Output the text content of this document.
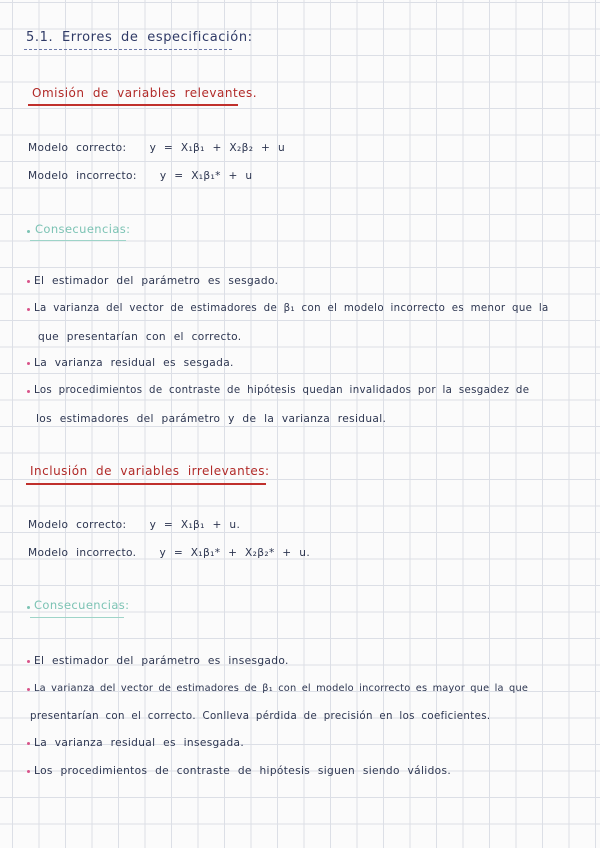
5.1. Errores de especificación:
Omisión de variables relevantes.
Modelo correcto: y = X₁β₁ + X₂β₂ + u
Modelo incorrecto: y = X₁β₁* + u
Consecuencias:
El estimador del parámetro es sesgado.
La varianza del vector de estimadores de β₁ con el modelo incorrecto es menor que la
que presentarían con el correcto.
La varianza residual es sesgada.
Los procedimientos de contraste de hipótesis quedan invalidados por la sesgadez de
los estimadores del parámetro y de la varianza residual.
Inclusión de variables irrelevantes:
Modelo correcto: y = X₁β₁ + u.
Modelo incorrecto. y = X₁β₁* + X₂β₂* + u.
Consecuencias:
El estimador del parámetro es insesgado.
La varianza del vector de estimadores de β₁ con el modelo incorrecto es mayor que la que
presentarían con el correcto. Conlleva pérdida de precisión en los coeficientes.
La varianza residual es insesgada.
Los procedimientos de contraste de hipótesis siguen siendo válidos.
